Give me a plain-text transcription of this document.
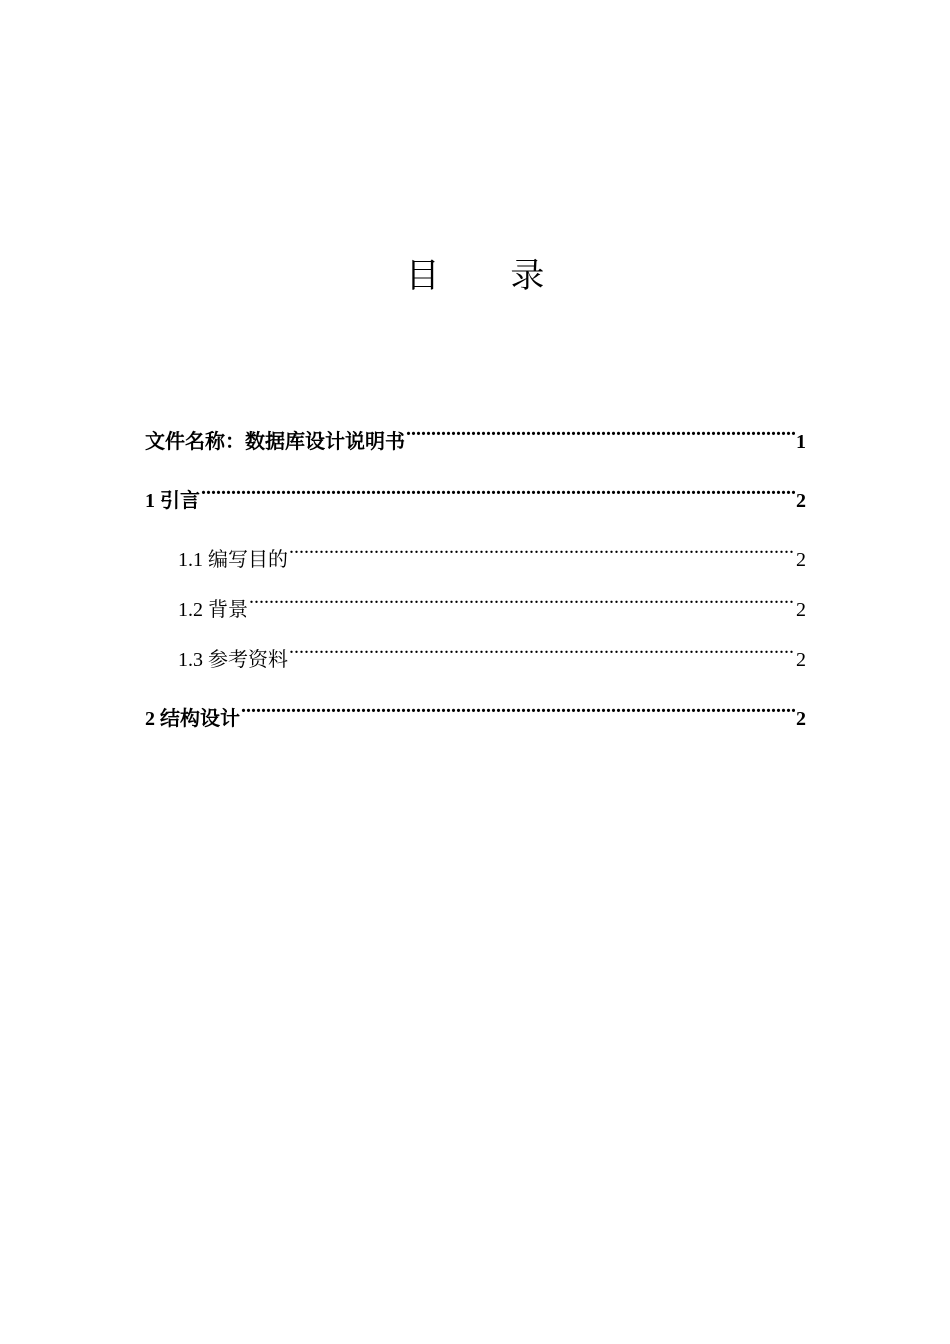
目 录
文件名称：数据库设计说明书 .....	1
1 引言 .....	2
1.1 编写目的 .....	2
1.2 背景 .....	2
1.3 参考资料 .....	2
2 结构设计 .....	2
